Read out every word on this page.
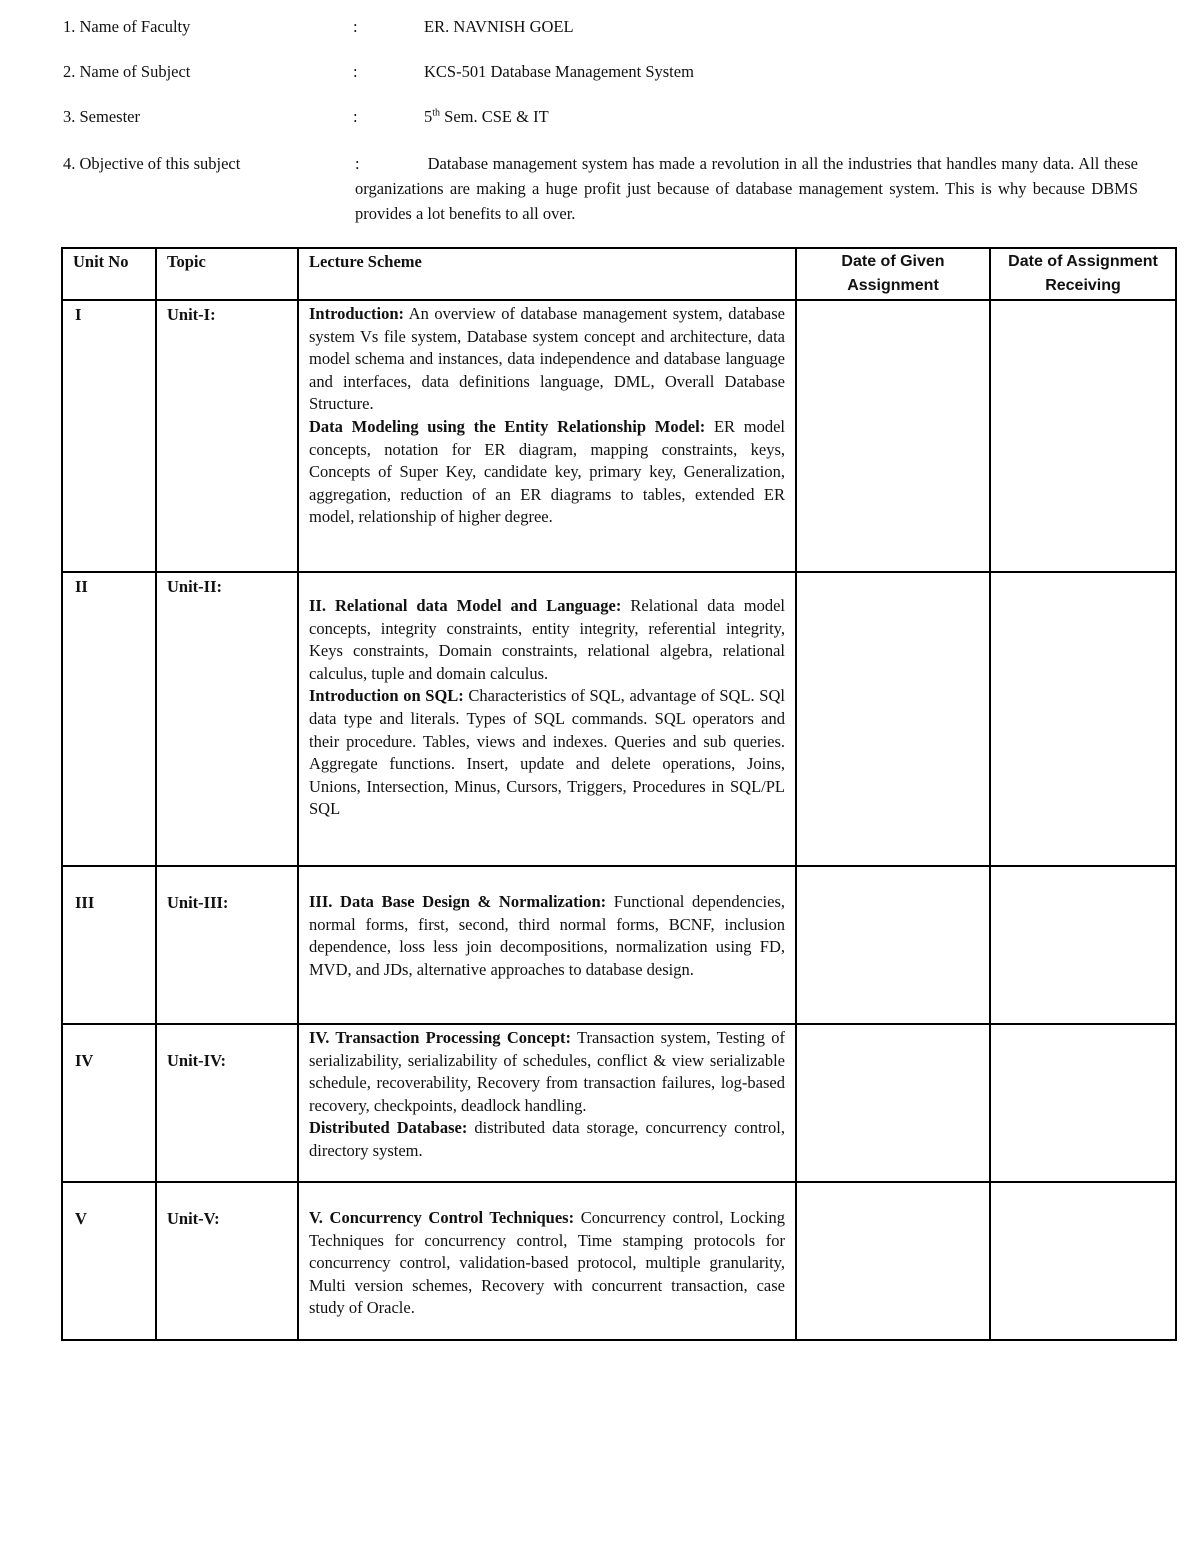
1. Name of Faculty	:	ER. NAVNISH GOEL
2. Name of Subject	:	KCS-501 Database Management System
3. Semester	:	5th Sem. CSE & IT
4. Objective of this subject	:	Database management system has made a revolution in all the industries that handles many data. All these organizations are making a huge profit just because of database management system. This is why because DBMS provides a lot benefits to all over.
Unit No	Topic	Lecture Scheme	Date of Given Assignment	Date of Assignment Receiving

I	Unit-I:	Introduction: An overview of database management system, database system Vs file system, Database system concept and architecture, data model schema and instances, data independence and database language and interfaces, data definitions language, DML, Overall Database Structure.
Data Modeling using the Entity Relationship Model: ER model concepts, notation for ER diagram, mapping constraints, keys, Concepts of Super Key, candidate key, primary key, Generalization, aggregation, reduction of an ER diagrams to tables, extended ER model, relationship of higher degree.		

II	Unit-II:	II. Relational data Model and Language: Relational data model concepts, integrity constraints, entity integrity, referential integrity, Keys constraints, Domain constraints, relational algebra, relational calculus, tuple and domain calculus.
Introduction on SQL: Characteristics of SQL, advantage of SQL. SQl data type and literals. Types of SQL commands. SQL operators and their procedure. Tables, views and indexes. Queries and sub queries. Aggregate functions. Insert, update and delete operations, Joins, Unions, Intersection, Minus, Cursors, Triggers, Procedures in SQL/PL SQL		

III	Unit-III:	III. Data Base Design & Normalization: Functional dependencies, normal forms, first, second, third normal forms, BCNF, inclusion dependence, loss less join decompositions, normalization using FD, MVD, and JDs, alternative approaches to database design.		

IV	Unit-IV:	IV. Transaction Processing Concept: Transaction system, Testing of serializability, serializability of schedules, conflict & view serializable schedule, recoverability, Recovery from transaction failures, log-based recovery, checkpoints, deadlock handling.
Distributed Database: distributed data storage, concurrency control, directory system.		

V	Unit-V:	V. Concurrency Control Techniques: Concurrency control, Locking Techniques for concurrency control, Time stamping protocols for concurrency control, validation-based protocol, multiple granularity, Multi version schemes, Recovery with concurrent transaction, case study of Oracle.		
